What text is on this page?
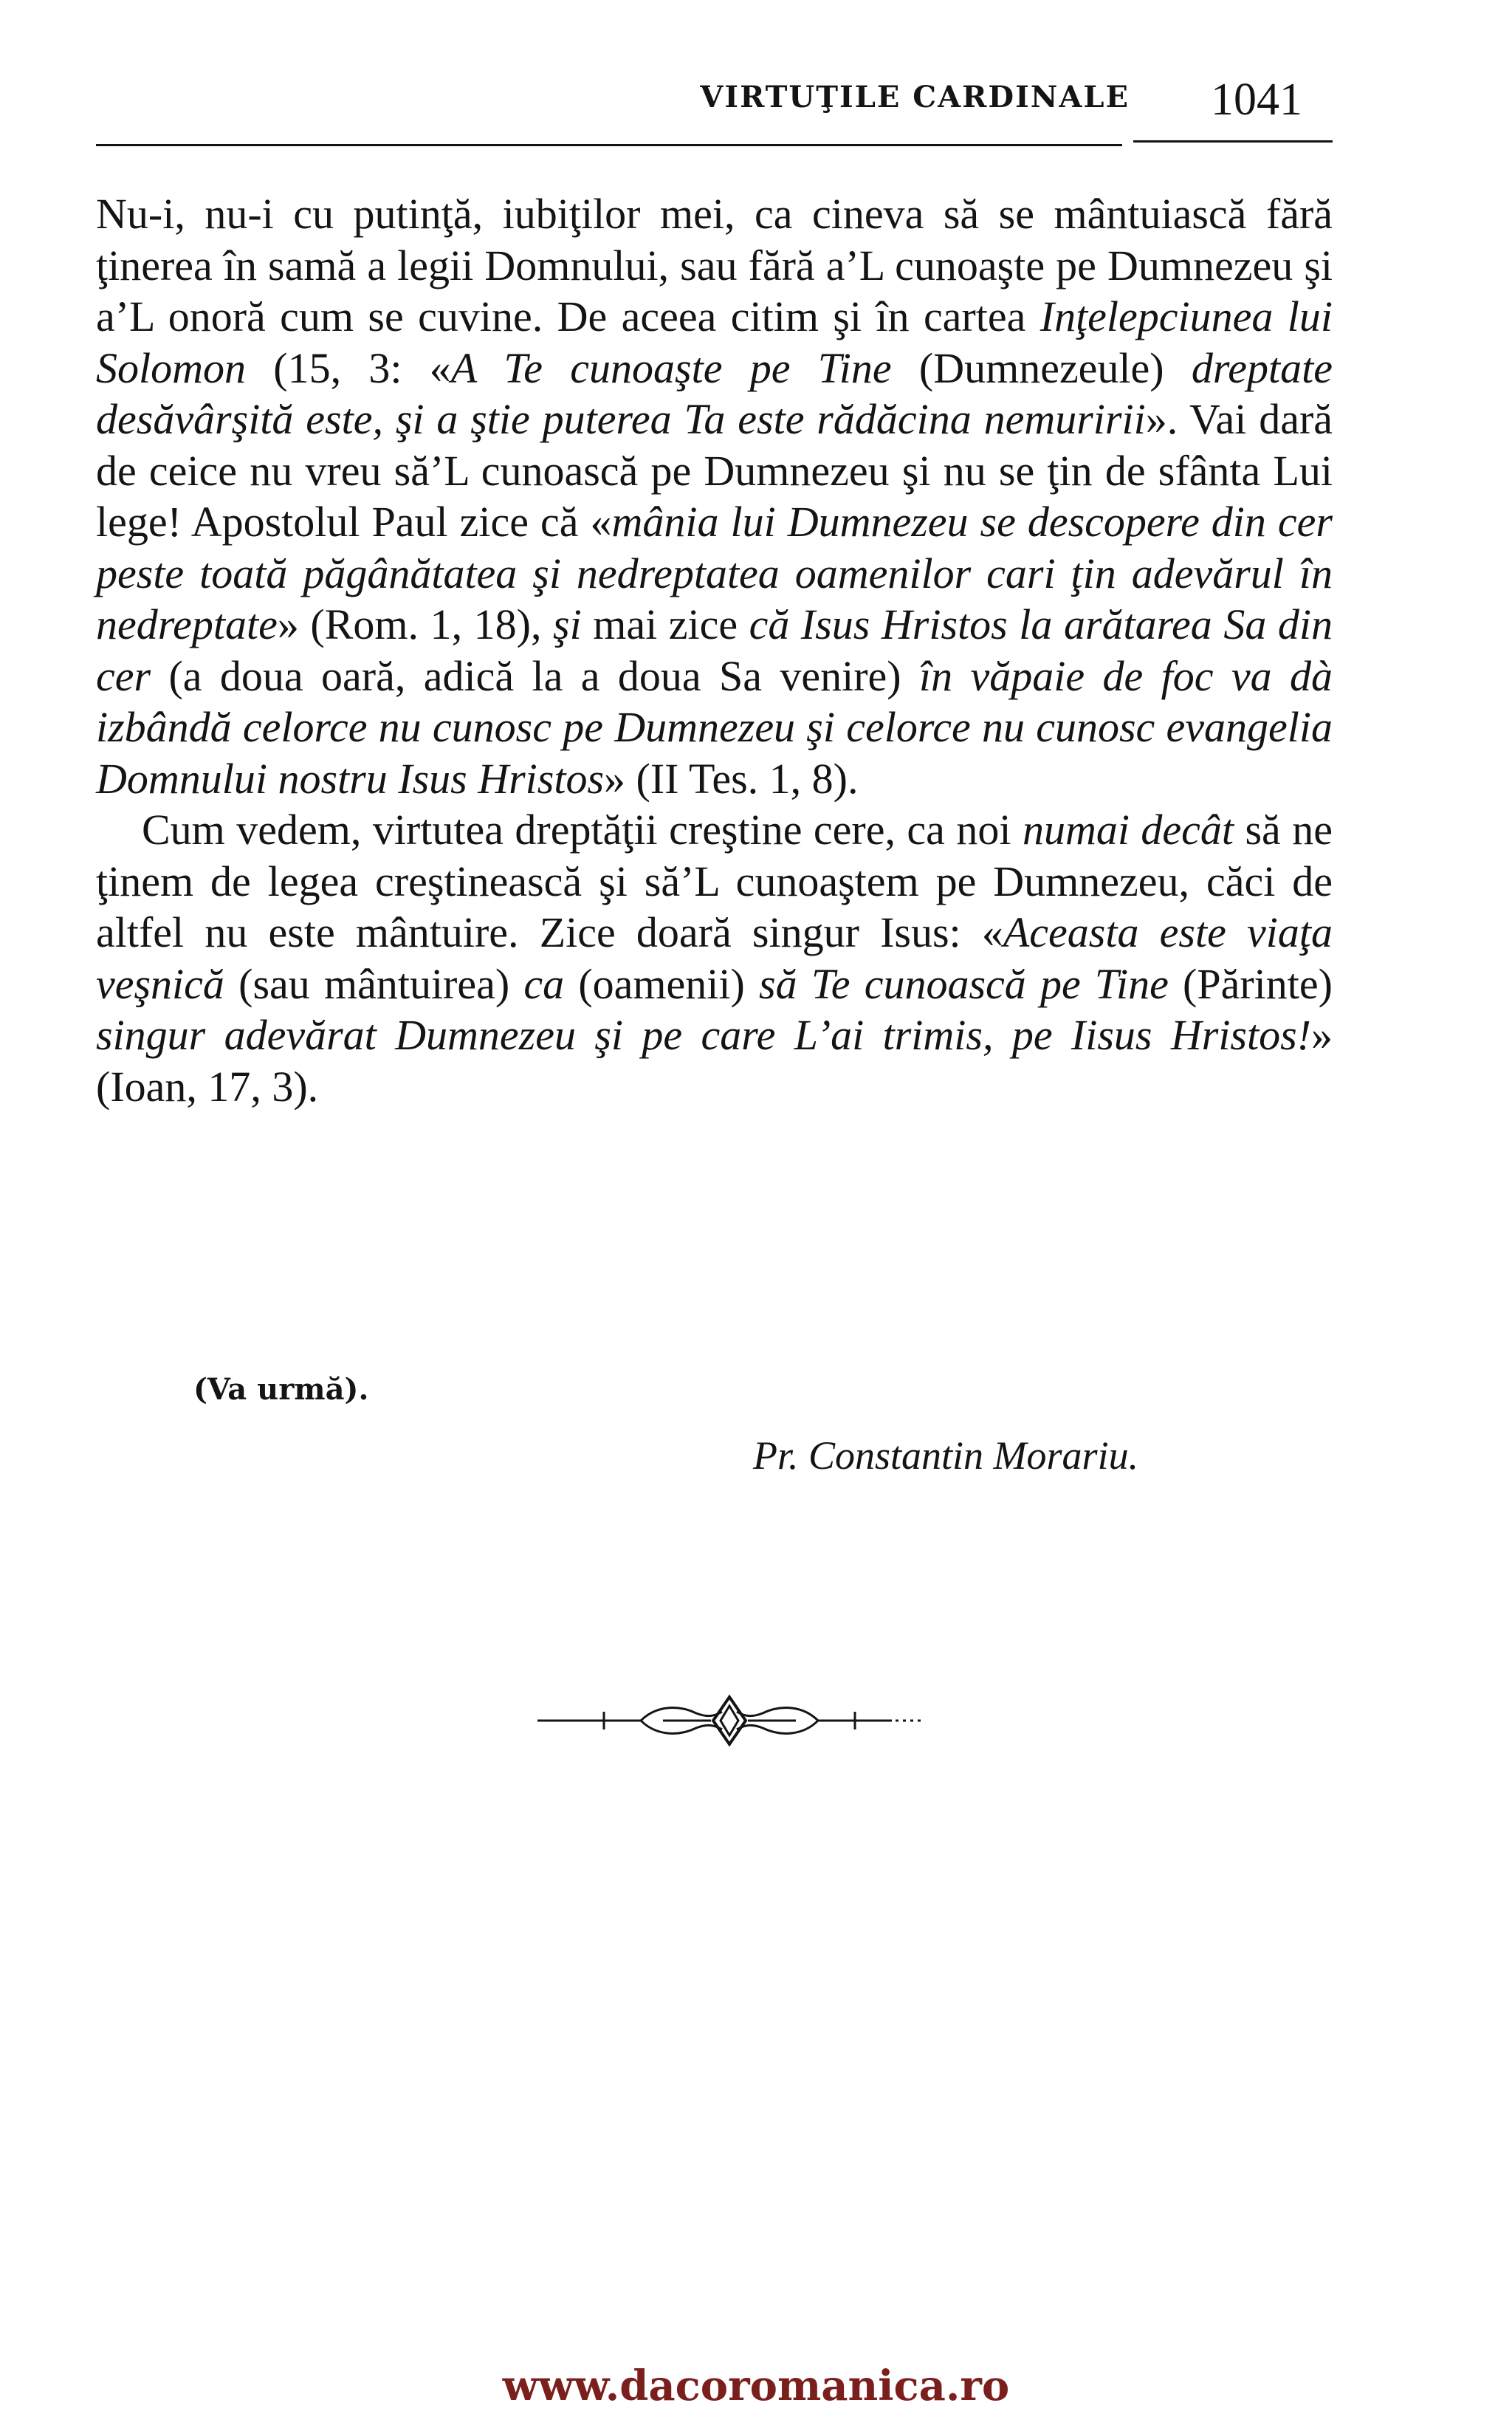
VIRTUŢILE CARDINALE 1041

Nu-i, nu-i cu putinţă, iubiţilor mei, ca cineva să se mântuiască fără ţinerea în samă a legii Domnului, sau fără a’L cunoaşte pe Dumnezeu şi a’L onoră cum se cuvine. De aceea citim şi în cartea Inţelepciunea lui Solomon (15, 3: «A Te cunoaşte pe Tine (Dumnezeule) dreptate desăvârşită este, şi a ştie puterea Ta este rădăcina nemuririi». Vai dară de ceice nu vreu să’L cunoască pe Dumnezeu şi nu se ţin de sfânta Lui lege! Apostolul Paul zice că «mânia lui Dumnezeu se descopere din cer peste toată păgânătatea şi nedreptatea oamenilor cari ţin adevărul în nedreptate» (Rom. 1, 18), şi mai zice că Isus Hristos la arătarea Sa din cer (a doua oară, adică la a doua Sa venire) în văpaie de foc va dà izbândă celorce nu cunosc pe Dumnezeu şi celorce nu cunosc evangelia Domnului nostru Isus Hristos» (II Tes. 1, 8).

Cum vedem, virtutea dreptăţii creştine cere, ca noi numai decât să ne ţinem de legea creştinească şi să’L cunoaştem pe Dumnezeu, căci de altfel nu este mântuire. Zice doară singur Isus: «Aceasta este viaţa veşnică (sau mântuirea) ca (oamenii) să Te cunoască pe Tine (Părinte) singur adevărat Dumnezeu şi pe care L’ai trimis, pe Iisus Hristos!» (Ioan, 17, 3).

(Va urmă).
Pr. Constantin Morariu.
www.dacoromanica.ro
